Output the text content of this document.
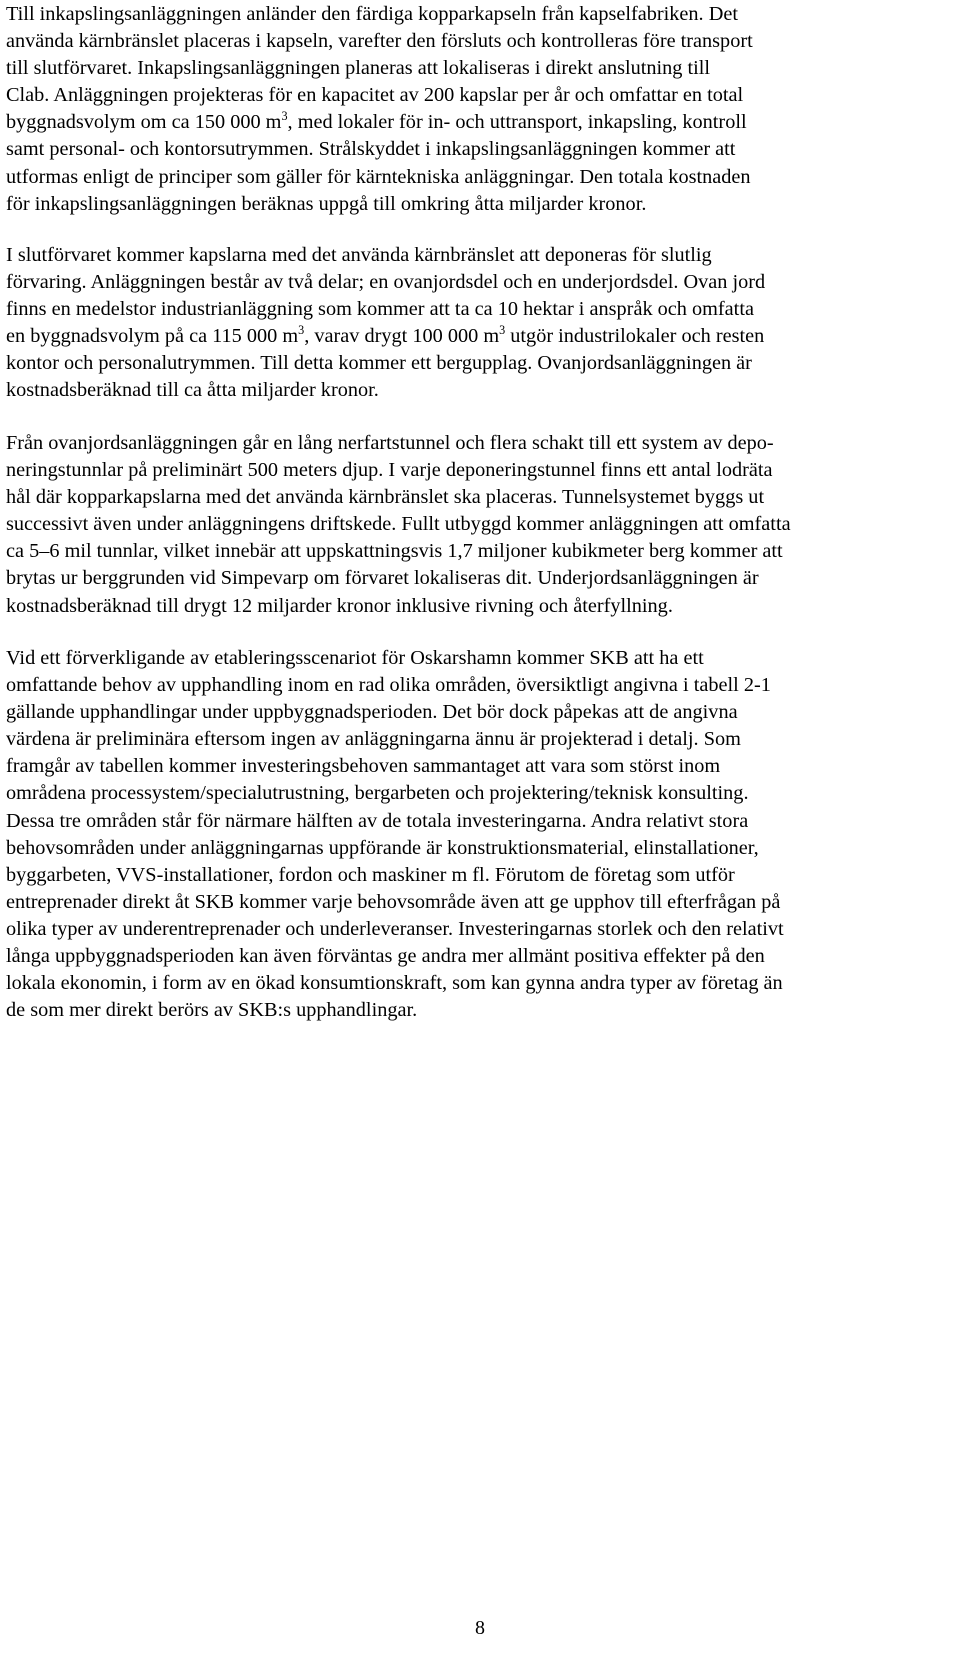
Till inkapslingsanläggningen anländer den färdiga kopparkapseln från kapselfabriken. Det
använda kärnbränslet placeras i kapseln, varefter den försluts och kontrolleras före transport
till slutförvaret. Inkapslingsanläggningen planeras att lokaliseras i direkt anslutning till
Clab. Anläggningen projekteras för en kapacitet av 200 kapslar per år och omfattar en total
byggnadsvolym om ca 150 000 $m^3$, med lokaler för in- och uttransport, inkapsling, kontroll
samt personal- och kontorsutrymmen. Strålskyddet i inkapslingsanläggningen kommer att
utformas enligt de principer som gäller för kärntekniska anläggningar. Den totala kostnaden
för inkapslingsanläggningen beräknas uppgå till omkring åtta miljarder kronor.

I slutförvaret kommer kapslarna med det använda kärnbränslet att deponeras för slutlig
förvaring. Anläggningen består av två delar; en ovanjordsdel och en underjordsdel. Ovan jord
finns en medelstor industrianläggning som kommer att ta ca 10 hektar i anspråk och omfatta
en byggnadsvolym på ca 115 000 $m^3$, varav drygt 100 000 $m^3$ utgör industrilokaler och resten
kontor och personalutrymmen. Till detta kommer ett bergupplag. Ovanjordsanläggningen är
kostnadsberäknad till ca åtta miljarder kronor.

Från ovanjordsanläggningen går en lång nerfartstunnel och flera schakt till ett system av depo-
neringstunnlar på preliminärt 500 meters djup. I varje deponeringstunnel finns ett antal lodräta
hål där kopparkapslarna med det använda kärnbränslet ska placeras. Tunnelsystemet byggs ut
successivt även under anläggningens driftskede. Fullt utbyggd kommer anläggningen att omfatta
ca 5–6 mil tunnlar, vilket innebär att uppskattningsvis 1,7 miljoner kubikmeter berg kommer att
brytas ur berggrunden vid Simpevarp om förvaret lokaliseras dit. Underjordsanläggningen är
kostnadsberäknad till drygt 12 miljarder kronor inklusive rivning och återfyllning.

Vid ett förverkligande av etableringsscenariot för Oskarshamn kommer SKB att ha ett
omfattande behov av upphandling inom en rad olika områden, översiktligt angivna i tabell 2-1
gällande upphandlingar under uppbyggnadsperioden. Det bör dock påpekas att de angivna
värdena är preliminära eftersom ingen av anläggningarna ännu är projekterad i detalj. Som
framgår av tabellen kommer investeringsbehoven sammantaget att vara som störst inom
områdena processystem/specialutrustning, bergarbeten och projektering/teknisk konsulting.
Dessa tre områden står för närmare hälften av de totala investeringarna. Andra relativt stora
behovsområden under anläggningarnas uppförande är konstruktionsmaterial, elinstallationer,
byggarbeten, VVS-installationer, fordon och maskiner m fl. Förutom de företag som utför
entreprenader direkt åt SKB kommer varje behovsområde även att ge upphov till efterfrågan på
olika typer av underentreprenader och underleveranser. Investeringarnas storlek och den relativt
långa uppbyggnadsperioden kan även förväntas ge andra mer allmänt positiva effekter på den
lokala ekonomin, i form av en ökad konsumtionskraft, som kan gynna andra typer av företag än
de som mer direkt berörs av SKB:s upphandlingar.

8
